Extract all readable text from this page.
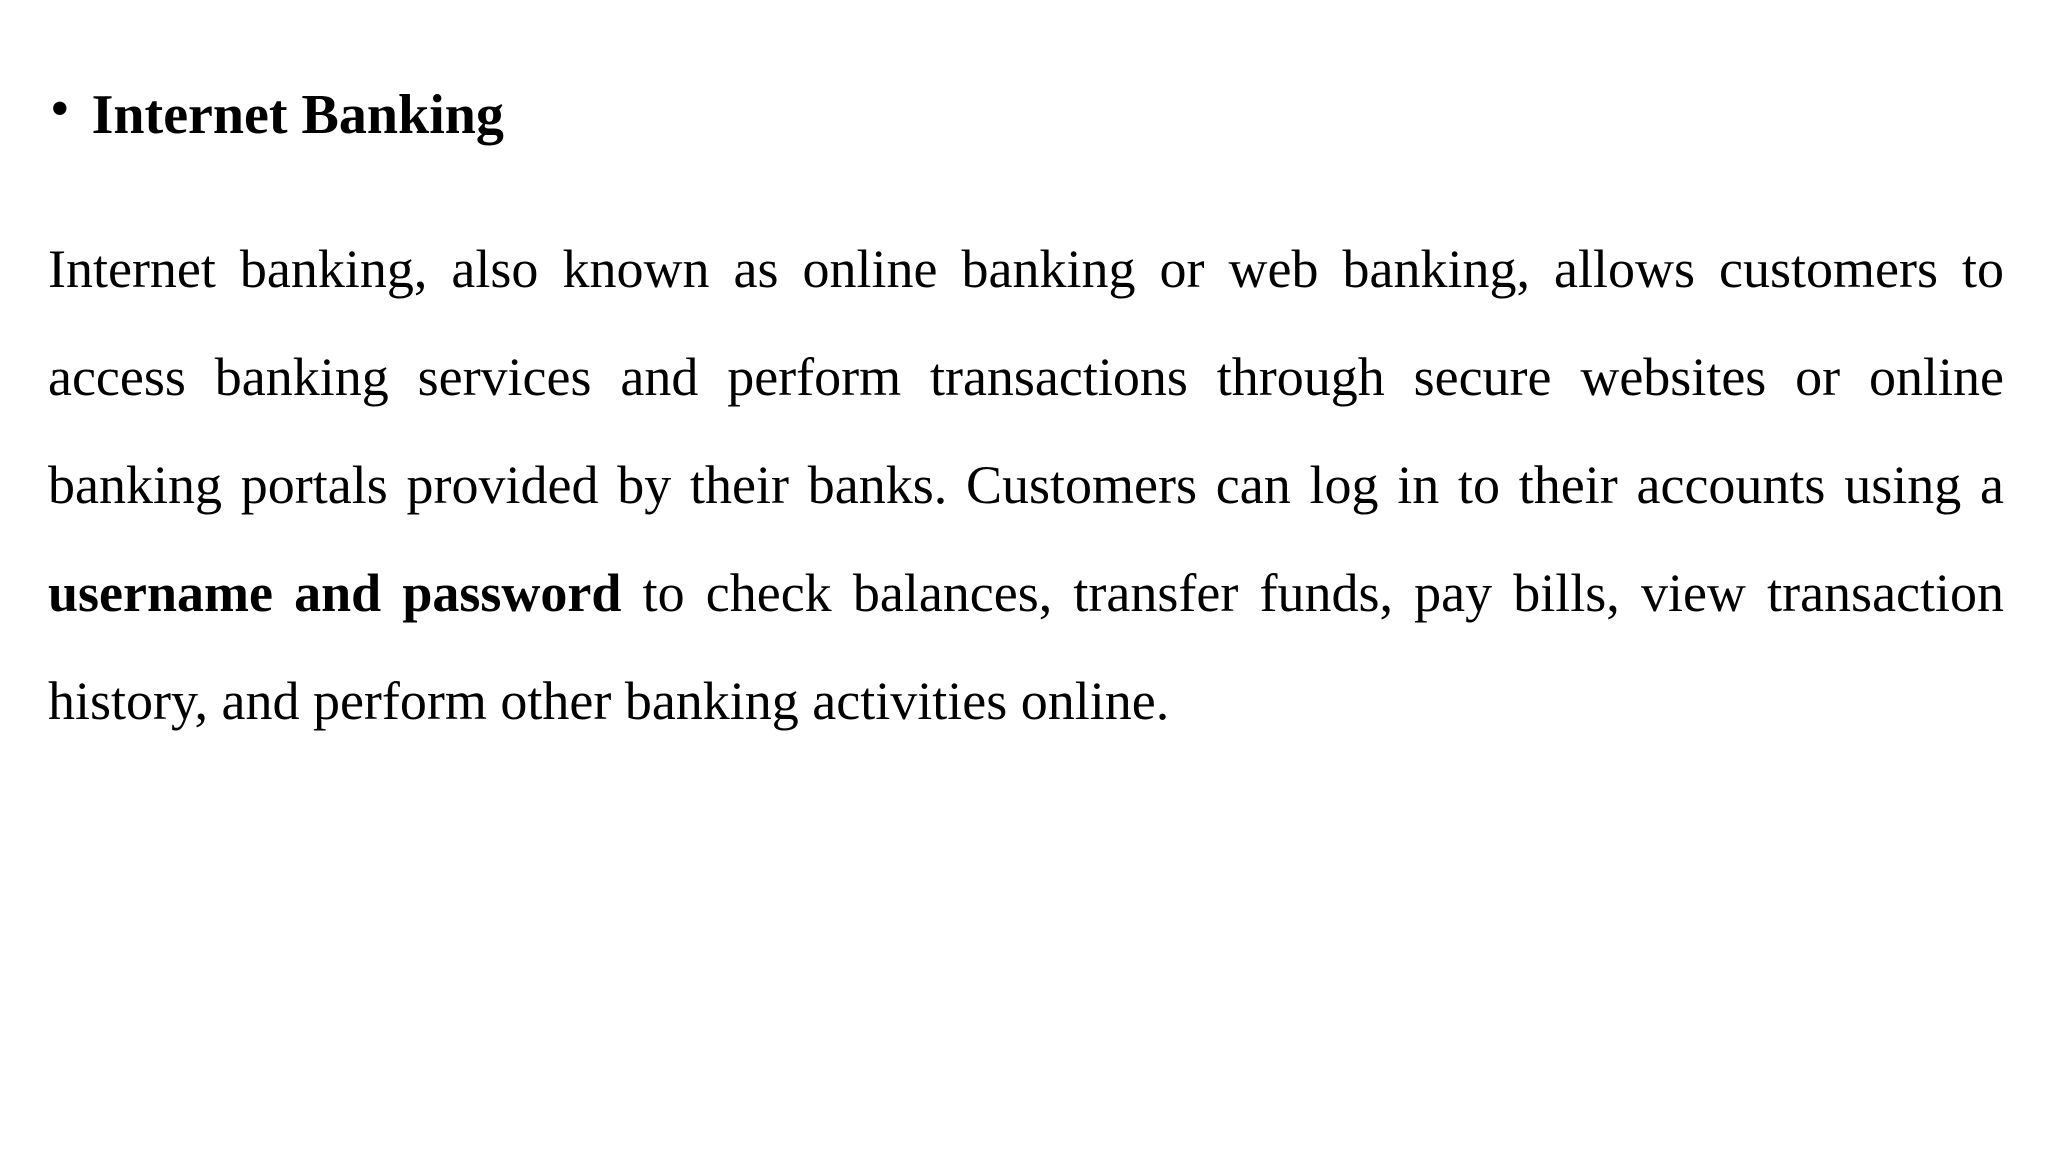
• Internet Banking

Internet banking, also known as online banking or web banking, allows customers to access banking services and perform transactions through secure websites or online banking portals provided by their banks. Customers can log in to their accounts using a username and password to check balances, transfer funds, pay bills, view transaction history, and perform other banking activities online.
